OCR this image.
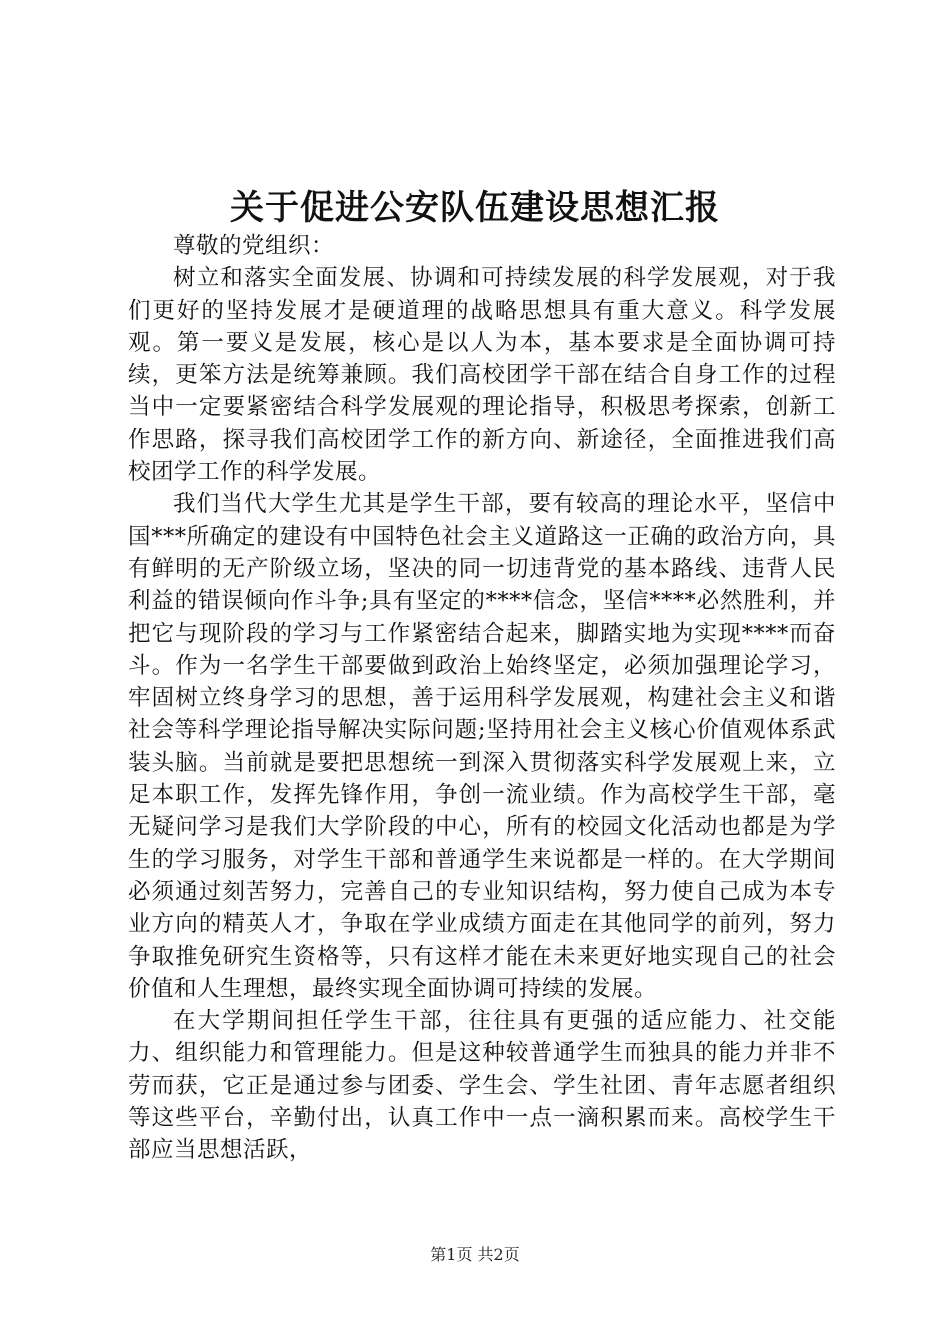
关于促进公安队伍建设思想汇报

尊敬的党组织：

树立和落实全面发展、协调和可持续发展的科学发展观，对于我们更好的坚持发展才是硬道理的战略思想具有重大意义。科学发展观。第一要义是发展，核心是以人为本，基本要求是全面协调可持续，更笨方法是统筹兼顾。我们高校团学干部在结合自身工作的过程当中一定要紧密结合科学发展观的理论指导，积极思考探索，创新工作思路，探寻我们高校团学工作的新方向、新途径，全面推进我们高校团学工作的科学发展。

我们当代大学生尤其是学生干部，要有较高的理论水平，坚信中国***所确定的建设有中国特色社会主义道路这一正确的政治方向，具有鲜明的无产阶级立场，坚决的同一切违背党的基本路线、违背人民利益的错误倾向作斗争;具有坚定的****信念，坚信****必然胜利，并把它与现阶段的学习与工作紧密结合起来，脚踏实地为实现****而奋斗。作为一名学生干部要做到政治上始终坚定，必须加强理论学习，牢固树立终身学习的思想，善于运用科学发展观，构建社会主义和谐社会等科学理论指导解决实际问题;坚持用社会主义核心价值观体系武装头脑。当前就是要把思想统一到深入贯彻落实科学发展观上来，立足本职工作，发挥先锋作用，争创一流业绩。作为高校学生干部，毫无疑问学习是我们大学阶段的中心，所有的校园文化活动也都是为学生的学习服务，对学生干部和普通学生来说都是一样的。在大学期间必须通过刻苦努力，完善自己的专业知识结构，努力使自己成为本专业方向的精英人才，争取在学业成绩方面走在其他同学的前列，努力争取推免研究生资格等，只有这样才能在未来更好地实现自己的社会价值和人生理想，最终实现全面协调可持续的发展。

在大学期间担任学生干部，往往具有更强的适应能力、社交能力、组织能力和管理能力。但是这种较普通学生而独具的能力并非不劳而获，它正是通过参与团委、学生会、学生社团、青年志愿者组织等这些平台，辛勤付出，认真工作中一点一滴积累而来。高校学生干部应当思想活跃，

第1页 共2页
